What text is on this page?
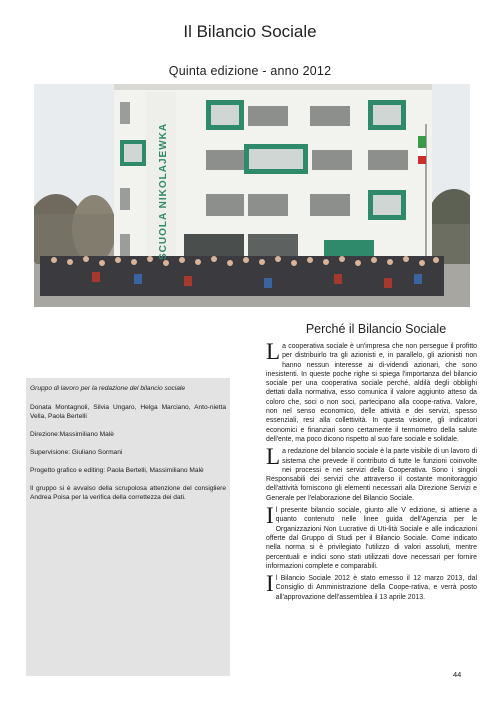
Il Bilancio Sociale
Quinta edizione - anno 2012
SCUOLA NIKOLAJEWKA
Gruppo di lavoro per la redazione del bilancio sociale

Donata Montagnoli, Silvia Ungaro, Helga Marciano, Anto-nietta Vella, Paola Bertelli

Direzione:Massimiliano Malè

Supervisione: Giuliano Sormani

Progetto grafico e editing: Paola Bertelli, Massimiliano Malè

Il gruppo si è avvalso della scrupolosa attenzione del consigliere Andrea Poisa per la verifica della correttezza dei dati.

Perché il Bilancio Sociale
La cooperativa sociale è un'impresa che non persegue il profitto per distribuirlo tra gli azionisti e, in parallelo, gli azionisti non hanno nessun interesse ai di-videndi azionari, che sono inesistenti. In queste poche righe si spiega l'importanza del bilancio sociale per una cooperativa sociale perché, aldilà degli obblighi dettati dalla normativa, esso comunica il valore aggiunto atteso da coloro che, soci o non soci, partecipano alla coope-rativa. Valore, non nel senso economico, delle attività e dei servizi, spesso essenziali, resi alla collettività. In questa visione, gli indicatori economici e finanziari sono certamente il termometro della salute dell'ente, ma poco dicono rispetto al suo fare sociale e solidale.
La redazione del bilancio sociale è la parte visibile di un lavoro di sistema che prevede il contributo di tutte le funzioni coinvolte nei processi e nei servizi della Cooperativa. Sono i singoli Responsabili dei servizi che attraverso il costante monitoraggio dell'attività forniscono gli elementi necessari alla Direzione Servizi e Generale per l'elaborazione del Bilancio Sociale.
Il presente bilancio sociale, giunto alle V edizione, si attiene a quanto contenuto nelle linee guida dell'Agenzia per le Organizzazioni Non Lucrative di Uti-lità Sociale e alle indicazioni offerte dal Gruppo di Studi per il Bilancio Sociale. Come indicato nella norma si è privilegiato l'utilizzo di valori assoluti, mentre percentuali e indici sono stati utilizzati dove necessari per fornire informazioni complete e comparabili.
Il Bilancio Sociale 2012 è stato emesso il 12 marzo 2013, dal Consiglio di Amministrazione della Coope-rativa, e verrà posto all'approvazione dell'assemblea il 13 aprile 2013.
44
